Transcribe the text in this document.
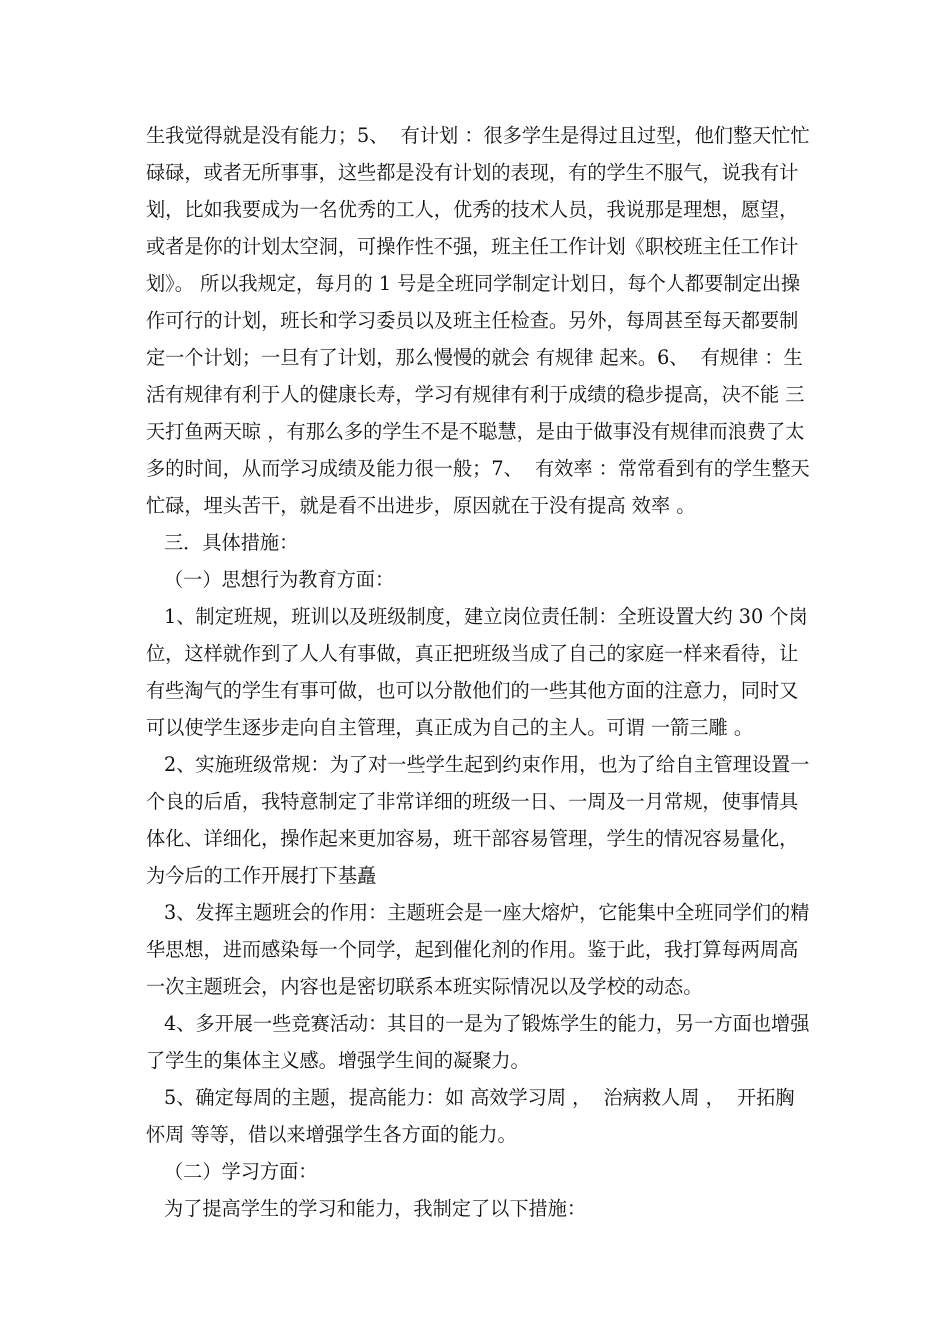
生我觉得就是没有能力；5、  有计划 ：很多学生是得过且过型，他们整天忙忙
碌碌，或者无所事事，这些都是没有计划的表现，有的学生不服气，说我有计
划，比如我要成为一名优秀的工人，优秀的技术人员，我说那是理想，愿望，
或者是你的计划太空洞，可操作性不强，班主任工作计划《职校班主任工作计
划》。 所以我规定，每月的 1 号是全班同学制定计划日，每个人都要制定出操
作可行的计划，班长和学习委员以及班主任检查。另外，每周甚至每天都要制
定一个计划；一旦有了计划，那么慢慢的就会 有规律 起来。6、  有规律 ：生
活有规律有利于人的健康长寿，学习有规律有利于成绩的稳步提高，决不能 三
天打鱼两天晾 ，有那么多的学生不是不聪慧，是由于做事没有规律而浪费了太
多的时间，从而学习成绩及能力很一般；7、  有效率 ：常常看到有的学生整天
忙碌，埋头苦干，就是看不出进步，原因就在于没有提高 效率 。
三．具体措施：
（一）思想行为教育方面：
1、制定班规，班训以及班级制度，建立岗位责任制：全班设置大约 30 个岗
位，这样就作到了人人有事做，真正把班级当成了自己的家庭一样来看待，让
有些淘气的学生有事可做，也可以分散他们的一些其他方面的注意力，同时又
可以使学生逐步走向自主管理，真正成为自己的主人。可谓 一箭三雕 。
2、实施班级常规：为了对一些学生起到约束作用，也为了给自主管理设置一
个良的后盾，我特意制定了非常详细的班级一日、一周及一月常规，使事情具
体化、详细化，操作起来更加容易，班干部容易管理，学生的情况容易量化，
为今后的工作开展打下基矗
3、发挥主题班会的作用：主题班会是一座大熔炉，它能集中全班同学们的精
华思想，进而感染每一个同学，起到催化剂的作用。鉴于此，我打算每两周高
一次主题班会，内容也是密切联系本班实际情况以及学校的动态。
4、多开展一些竞赛活动：其目的一是为了锻炼学生的能力，另一方面也增强
了学生的集体主义感。增强学生间的凝聚力。
5、确定每周的主题，提高能力：如 高效学习周 ，  治病救人周 ，  开拓胸
怀周 等等，借以来增强学生各方面的能力。
（二）学习方面：
为了提高学生的学习和能力，我制定了以下措施：
